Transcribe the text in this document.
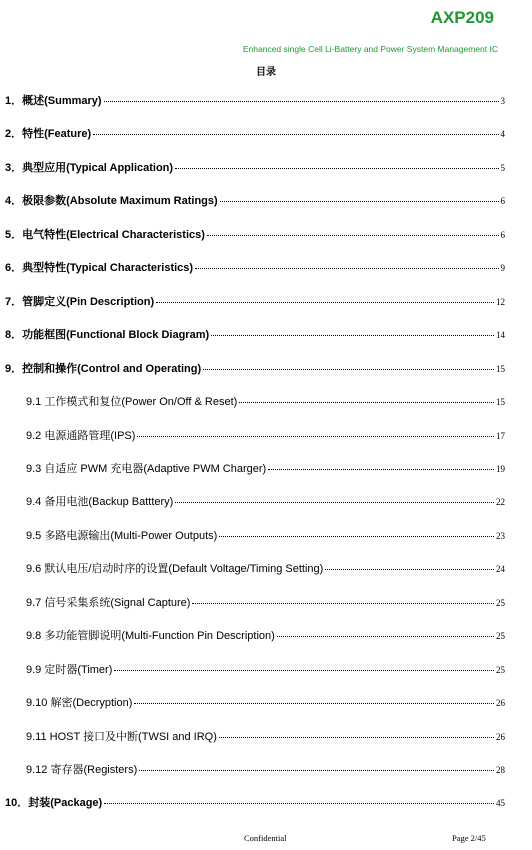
AXP209
Enhanced single Cell Li-Battery and Power System Management IC
目录
1．概述(Summary)	3
2．特性(Feature)	4
3．典型应用(Typical Application)	5
4．极限参数(Absolute Maximum Ratings)	6
5．电气特性(Electrical Characteristics)	6
6．典型特性(Typical Characteristics)	9
7．管脚定义(Pin Description)	12
8．功能框图(Functional Block Diagram)	14
9．控制和操作(Control and Operating)	15
9.1 工作模式和复位(Power On/Off & Reset)	15
9.2 电源通路管理(IPS)	17
9.3 自适应 PWM 充电器(Adaptive PWM Charger)	19
9.4 备用电池(Backup Batttery)	22
9.5 多路电源输出(Multi-Power Outputs)	23
9.6 默认电压/启动时序的设置(Default Voltage/Timing Setting)	24
9.7 信号采集系统(Signal Capture)	25
9.8 多功能管脚说明(Multi-Function Pin Description)	25
9.9 定时器(Timer)	25
9.10 解密(Decryption)	26
9.11 HOST 接口及中断(TWSI and IRQ)	26
9.12 寄存器(Registers)	28
10．封装(Package)	45
Confidential	Page 2/45
